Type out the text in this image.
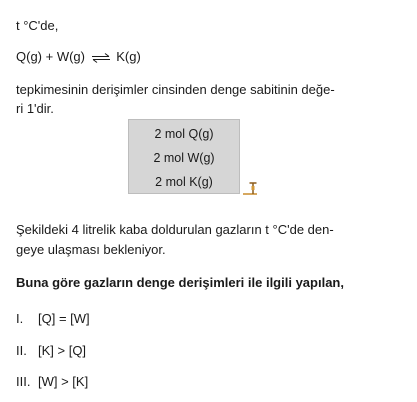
t °C'de,
Q(g) + W(g) ⇌ K(g)
tepkimesinin derişimler cinsinden denge sabitinin değe-
ri 1'dir.
2 mol Q(g)
2 mol W(g)
2 mol K(g)
Şekildeki 4 litrelik kaba doldurulan gazların t °C'de den-
geye ulaşması bekleniyor.
Buna göre gazların denge derişimleri ile ilgili yapılan,
I. [Q] = [W]
II. [K] > [Q]
III. [W] > [K]
